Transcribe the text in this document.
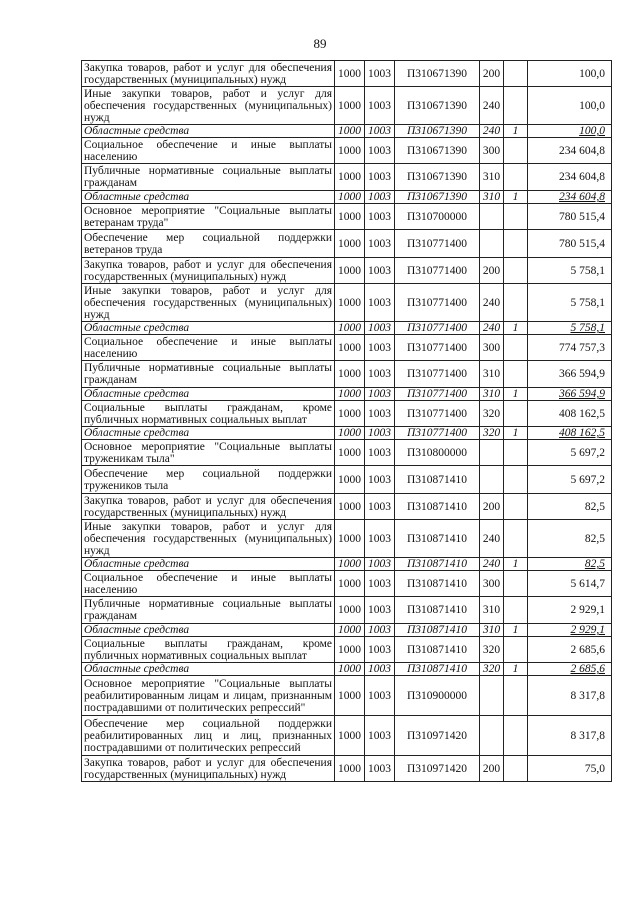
89
Закупка товаров, работ и услуг для обеспечения государственных (муниципальных) нужд	1000	1003	П310671390	200		100,0
Иные закупки товаров, работ и услуг для обеспечения государственных (муниципальных) нужд	1000	1003	П310671390	240		100,0
Областные средства	1000	1003	П310671390	240	1	100,0
Социальное обеспечение и иные выплаты населению	1000	1003	П310671390	300		234 604,8
Публичные нормативные социальные выплаты гражданам	1000	1003	П310671390	310		234 604,8
Областные средства	1000	1003	П310671390	310	1	234 604,8
Основное мероприятие "Социальные выплаты ветеранам труда"	1000	1003	П310700000			780 515,4
Обеспечение мер социальной поддержки ветеранов труда	1000	1003	П310771400			780 515,4
Закупка товаров, работ и услуг для обеспечения государственных (муниципальных) нужд	1000	1003	П310771400	200		5 758,1
Иные закупки товаров, работ и услуг для обеспечения государственных (муниципальных) нужд	1000	1003	П310771400	240		5 758,1
Областные средства	1000	1003	П310771400	240	1	5 758,1
Социальное обеспечение и иные выплаты населению	1000	1003	П310771400	300		774 757,3
Публичные нормативные социальные выплаты гражданам	1000	1003	П310771400	310		366 594,9
Областные средства	1000	1003	П310771400	310	1	366 594,9
Социальные выплаты гражданам, кроме публичных нормативных социальных выплат	1000	1003	П310771400	320		408 162,5
Областные средства	1000	1003	П310771400	320	1	408 162,5
Основное мероприятие "Социальные выплаты труженикам тыла"	1000	1003	П310800000			5 697,2
Обеспечение мер социальной поддержки тружеников тыла	1000	1003	П310871410			5 697,2
Закупка товаров, работ и услуг для обеспечения государственных (муниципальных) нужд	1000	1003	П310871410	200		82,5
Иные закупки товаров, работ и услуг для обеспечения государственных (муниципальных) нужд	1000	1003	П310871410	240		82,5
Областные средства	1000	1003	П310871410	240	1	82,5
Социальное обеспечение и иные выплаты населению	1000	1003	П310871410	300		5 614,7
Публичные нормативные социальные выплаты гражданам	1000	1003	П310871410	310		2 929,1
Областные средства	1000	1003	П310871410	310	1	2 929,1
Социальные выплаты гражданам, кроме публичных нормативных социальных выплат	1000	1003	П310871410	320		2 685,6
Областные средства	1000	1003	П310871410	320	1	2 685,6
Основное мероприятие "Социальные выплаты реабилитированным лицам и лицам, признанным пострадавшими от политических репрессий"	1000	1003	П310900000			8 317,8
Обеспечение мер социальной поддержки реабилитированных лиц и лиц, признанных пострадавшими от политических репрессий	1000	1003	П310971420			8 317,8
Закупка товаров, работ и услуг для обеспечения государственных (муниципальных) нужд	1000	1003	П310971420	200		75,0
